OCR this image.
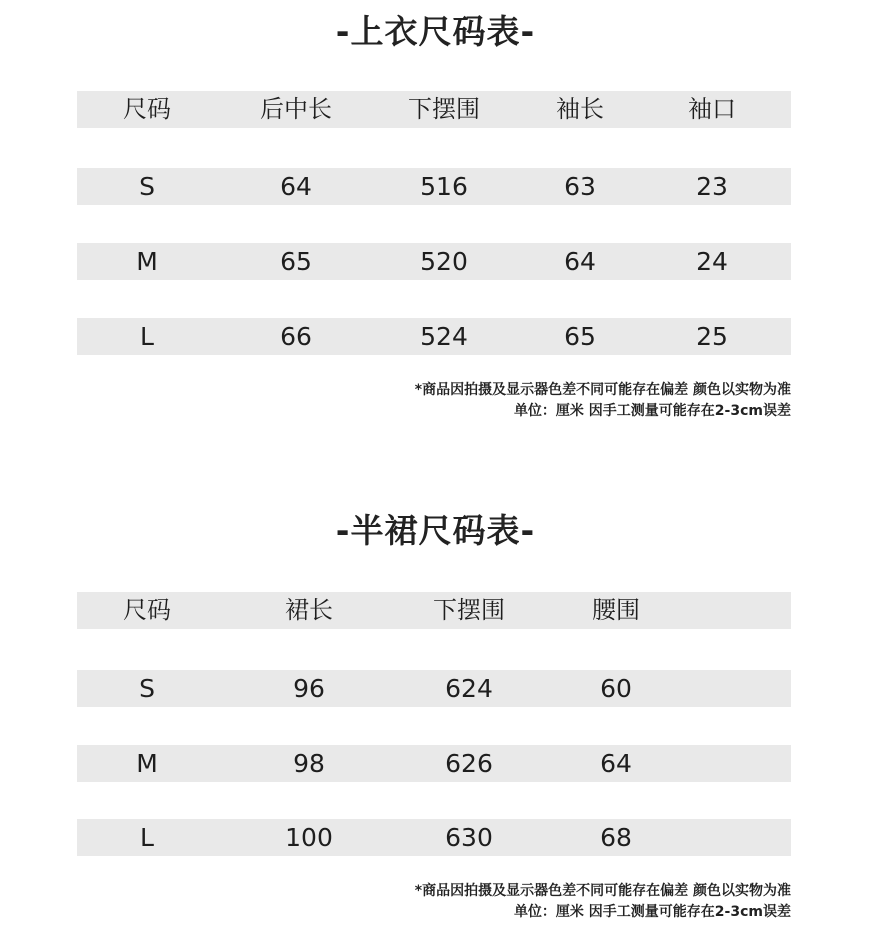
-上衣尺码表-
尺码	后中长	下摆围	袖长	袖口
S	64	516	63	23
M	65	520	64	24
L	66	524	65	25
*商品因拍摄及显示器色差不同可能存在偏差 颜色以实物为准
单位：厘米 因手工测量可能存在2-3cm误差
-半裙尺码表-
尺码	裙长	下摆围	腰围
S	96	624	60
M	98	626	64
L	100	630	68
*商品因拍摄及显示器色差不同可能存在偏差 颜色以实物为准
单位：厘米 因手工测量可能存在2-3cm误差
